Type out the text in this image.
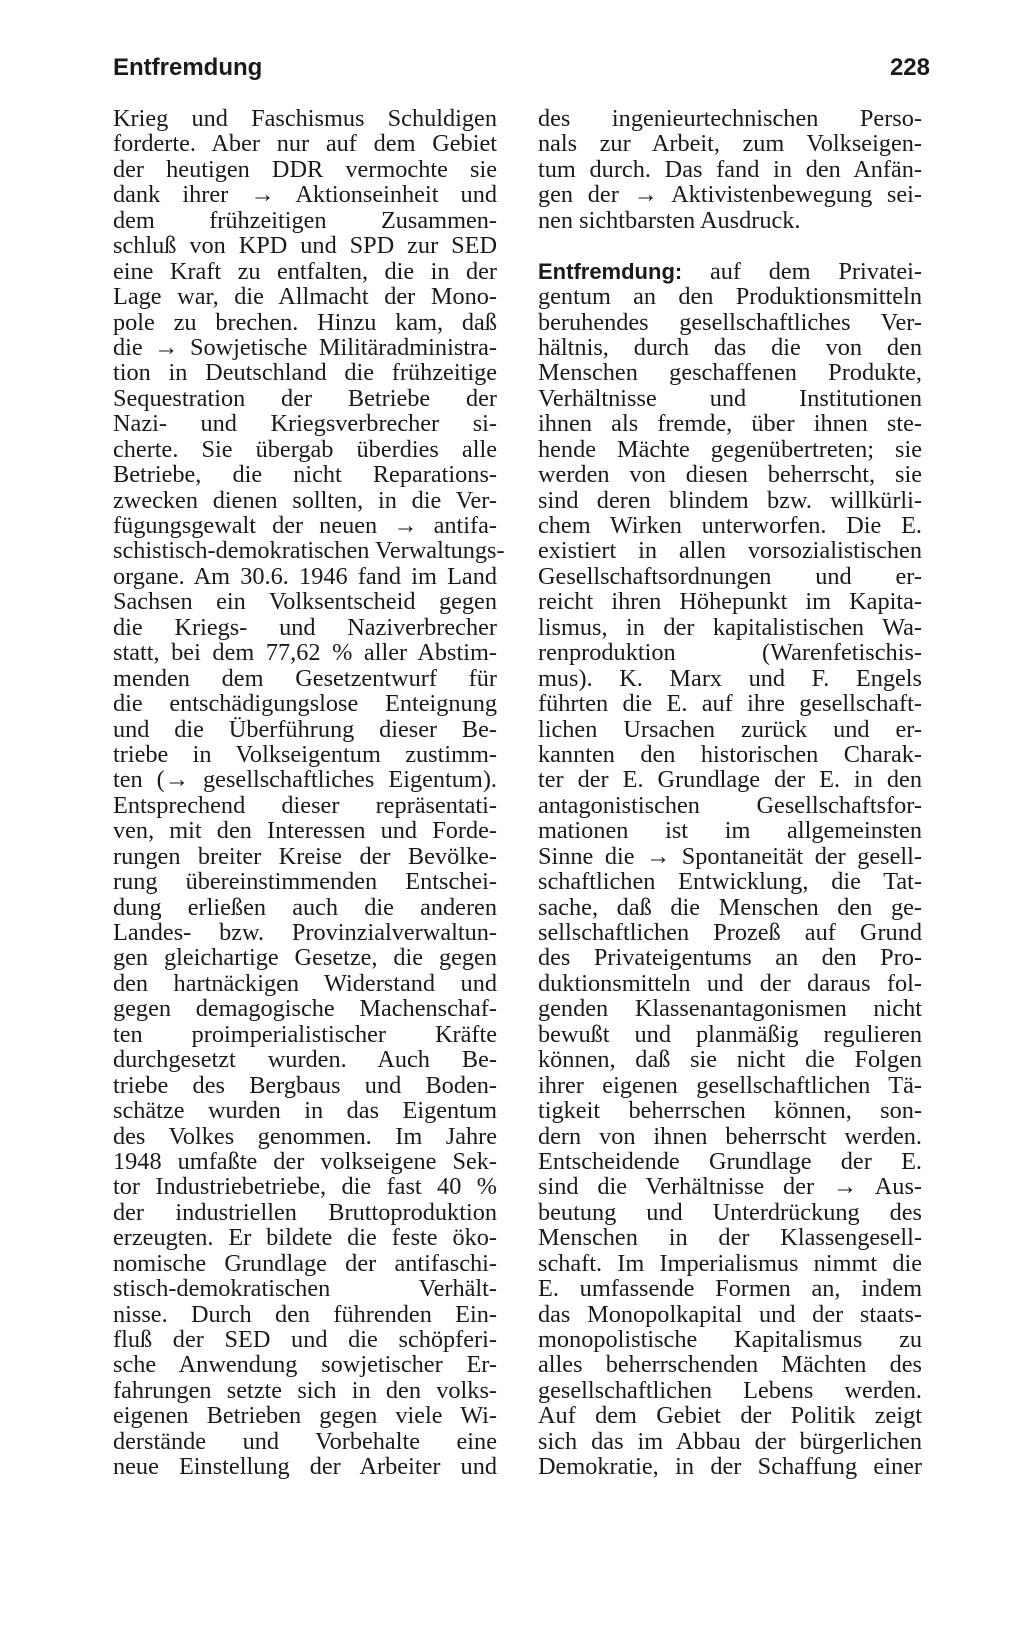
Entfremdung	228
Krieg und Faschismus Schuldigen
forderte. Aber nur auf dem Gebiet
der heutigen DDR vermochte sie
dank ihrer → Aktionseinheit und
dem frühzeitigen Zusammen-
schluß von KPD und SPD zur SED
eine Kraft zu entfalten, die in der
Lage war, die Allmacht der Mono-
pole zu brechen. Hinzu kam, daß
die → Sowjetische Militäradministra-
tion in Deutschland die frühzeitige
Sequestration der Betriebe der
Nazi- und Kriegsverbrecher si-
cherte. Sie übergab überdies alle
Betriebe, die nicht Reparations-
zwecken dienen sollten, in die Ver-
fügungsgewalt der neuen → antifa-
schistisch-demokratischen Verwaltungs-
organe. Am 30.6. 1946 fand im Land
Sachsen ein Volksentscheid gegen
die Kriegs- und Naziverbrecher
statt, bei dem 77,62 % aller Abstim-
menden dem Gesetzentwurf für
die entschädigungslose Enteignung
und die Überführung dieser Be-
triebe in Volkseigentum zustimm-
ten (→ gesellschaftliches Eigentum).
Entsprechend dieser repräsentati-
ven, mit den Interessen und Forde-
rungen breiter Kreise der Bevölke-
rung übereinstimmenden Entschei-
dung erließen auch die anderen
Landes- bzw. Provinzialverwaltun-
gen gleichartige Gesetze, die gegen
den hartnäckigen Widerstand und
gegen demagogische Machenschaf-
ten proimperialistischer Kräfte
durchgesetzt wurden. Auch Be-
triebe des Bergbaus und Boden-
schätze wurden in das Eigentum
des Volkes genommen. Im Jahre
1948 umfaßte der volkseigene Sek-
tor Industriebetriebe, die fast 40 %
der industriellen Bruttoproduktion
erzeugten. Er bildete die feste öko-
nomische Grundlage der antifaschi-
stisch-demokratischen Verhält-
nisse. Durch den führenden Ein-
fluß der SED und die schöpferi-
sche Anwendung sowjetischer Er-
fahrungen setzte sich in den volks-
eigenen Betrieben gegen viele Wi-
derstände und Vorbehalte eine
neue Einstellung der Arbeiter und
des ingenieurtechnischen Perso-
nals zur Arbeit, zum Volkseigen-
tum durch. Das fand in den Anfän-
gen der → Aktivistenbewegung sei-
nen sichtbarsten Ausdruck.
Entfremdung: auf dem Privatei-
gentum an den Produktionsmitteln
beruhendes gesellschaftliches Ver-
hältnis, durch das die von den
Menschen geschaffenen Produkte,
Verhältnisse und Institutionen
ihnen als fremde, über ihnen ste-
hende Mächte gegenübertreten; sie
werden von diesen beherrscht, sie
sind deren blindem bzw. willkürli-
chem Wirken unterworfen. Die E.
existiert in allen vorsozialistischen
Gesellschaftsordnungen und er-
reicht ihren Höhepunkt im Kapita-
lismus, in der kapitalistischen Wa-
renproduktion (Warenfetischis-
mus). K. Marx und F. Engels
führten die E. auf ihre gesellschaft-
lichen Ursachen zurück und er-
kannten den historischen Charak-
ter der E. Grundlage der E. in den
antagonistischen Gesellschaftsfor-
mationen ist im allgemeinsten
Sinne die → Spontaneität der gesell-
schaftlichen Entwicklung, die Tat-
sache, daß die Menschen den ge-
sellschaftlichen Prozeß auf Grund
des Privateigentums an den Pro-
duktionsmitteln und der daraus fol-
genden Klassenantagonismen nicht
bewußt und planmäßig regulieren
können, daß sie nicht die Folgen
ihrer eigenen gesellschaftlichen Tä-
tigkeit beherrschen können, son-
dern von ihnen beherrscht werden.
Entscheidende Grundlage der E.
sind die Verhältnisse der → Aus-
beutung und Unterdrückung des
Menschen in der Klassengesell-
schaft. Im Imperialismus nimmt die
E. umfassende Formen an, indem
das Monopolkapital und der staats-
monopolistische Kapitalismus zu
alles beherrschenden Mächten des
gesellschaftlichen Lebens werden.
Auf dem Gebiet der Politik zeigt
sich das im Abbau der bürgerlichen
Demokratie, in der Schaffung einer
